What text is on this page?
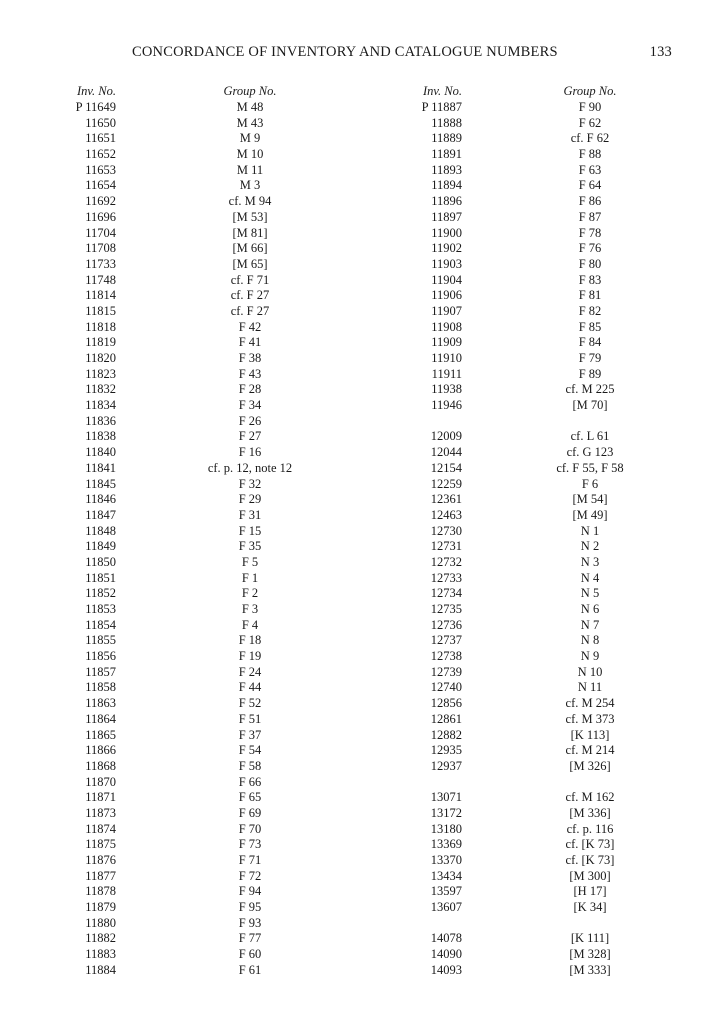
CONCORDANCE OF INVENTORY AND CATALOGUE NUMBERS	133
Inv. No.
P 11649
11650
11651
11652
11653
11654
11692
11696
11704
11708
11733
11748
11814
11815
11818
11819
11820
11823
11832
11834
11836
11838
11840
11841
11845
11846
11847
11848
11849
11850
11851
11852
11853
11854
11855
11856
11857
11858
11863
11864
11865
11866
11868
11870
11871
11873
11874
11875
11876
11877
11878
11879
11880
11882
11883
11884
Group No.
M 48
M 43
M 9
M 10
M 11
M 3
cf. M 94
[M 53]
[M 81]
[M 66]
[M 65]
cf. F 71
cf. F 27
cf. F 27
F 42
F 41
F 38
F 43
F 28
F 34
F 26
F 27
F 16
cf. p. 12, note 12
F 32
F 29
F 31
F 15
F 35
F 5
F 1
F 2
F 3
F 4
F 18
F 19
F 24
F 44
F 52
F 51
F 37
F 54
F 58
F 66
F 65
F 69
F 70
F 73
F 71
F 72
F 94
F 95
F 93
F 77
F 60
F 61
Inv. No.
P 11887
11888
11889
11891
11893
11894
11896
11897
11900
11902
11903
11904
11906
11907
11908
11909
11910
11911
11938
11946
12009
12044
12154
12259
12361
12463
12730
12731
12732
12733
12734
12735
12736
12737
12738
12739
12740
12856
12861
12882
12935
12937
13071
13172
13180
13369
13370
13434
13597
13607
14078
14090
14093
Group No.
F 90
F 62
cf. F 62
F 88
F 63
F 64
F 86
F 87
F 78
F 76
F 80
F 83
F 81
F 82
F 85
F 84
F 79
F 89
cf. M 225
[M 70]
cf. L 61
cf. G 123
cf. F 55, F 58
F 6
[M 54]
[M 49]
N 1
N 2
N 3
N 4
N 5
N 6
N 7
N 8
N 9
N 10
N 11
cf. M 254
cf. M 373
[K 113]
cf. M 214
[M 326]
cf. M 162
[M 336]
cf. p. 116
cf. [K 73]
cf. [K 73]
[M 300]
[H 17]
[K 34]
[K 111]
[M 328]
[M 333]
